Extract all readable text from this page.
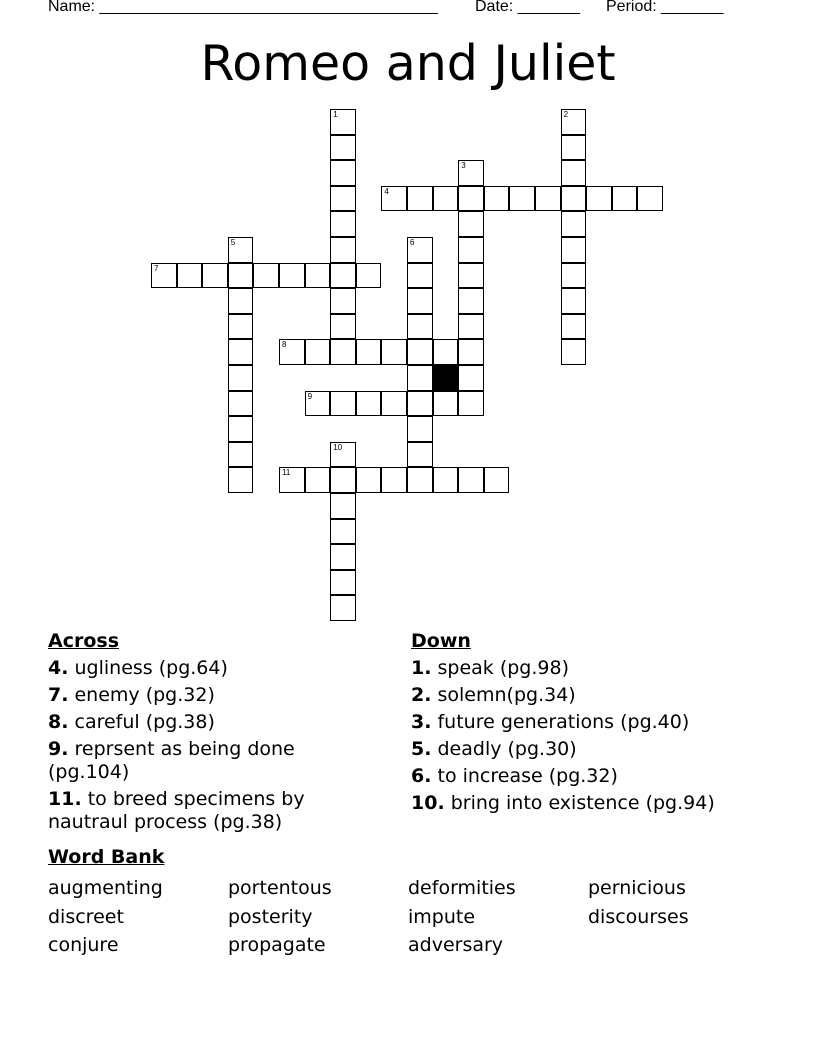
Name: ______________________________________ Date: _______ Period: _______
Romeo and Juliet
1	2
3
4
5	6
7
8
9
10
11
Across
4. ugliness (pg.64)
7. enemy (pg.32)
8. careful (pg.38)
9. reprsent as being done (pg.104)
11. to breed specimens by nautraul process (pg.38)
Down
1. speak (pg.98)
2. solemn(pg.34)
3. future generations (pg.40)
5. deadly (pg.30)
6. to increase (pg.32)
10. bring into existence (pg.94)
Word Bank
augmenting	portentous	deformities	pernicious
discreet	posterity	impute	discourses
conjure	propagate	adversary
